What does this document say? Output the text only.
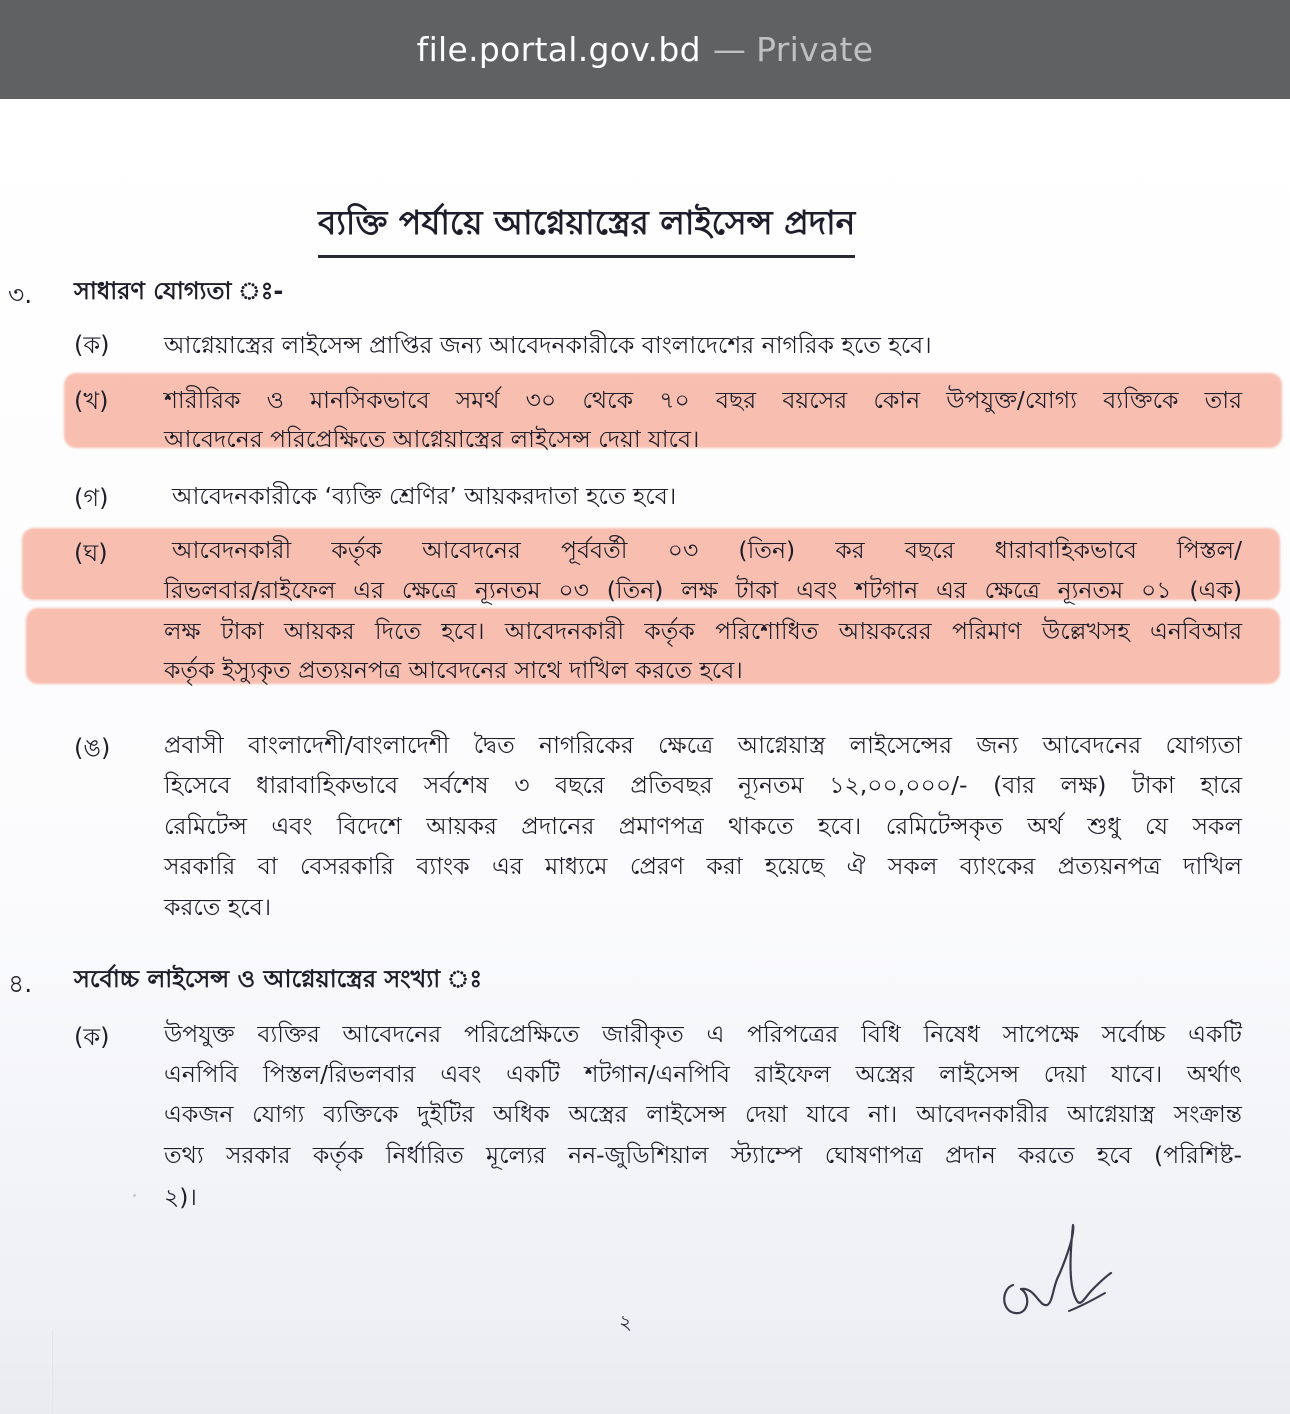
file.portal.gov.bd — Private
ব্যক্তি পর্যায়ে আগ্নেয়াস্ত্রের লাইসেন্স প্রদান
৩. সাধারণ যোগ্যতা ঃ-
(ক) আগ্নেয়াস্ত্রের লাইসেন্স প্রাপ্তির জন্য আবেদনকারীকে বাংলাদেশের নাগরিক হতে হবে।
(খ) শারীরিক ও মানসিকভাবে সমর্থ ৩০ থেকে ৭০ বছর বয়সের কোন উপযুক্ত/যোগ্য ব্যক্তিকে তার
আবেদনের পরিপ্রেক্ষিতে আগ্নেয়াস্ত্রের লাইসেন্স দেয়া যাবে।
(গ)	আবেদনকারীকে ‘ব্যক্তি শ্রেণির’ আয়করদাতা হতে হবে।
(ঘ)	আবেদনকারী কর্তৃক আবেদনের পূর্ববর্তী ০৩ (তিন) কর বছরে ধারাবাহিকভাবে পিস্তল/
রিভলবার/রাইফেল এর ক্ষেত্রে ন্যূনতম ০৩ (তিন) লক্ষ টাকা এবং শটগান এর ক্ষেত্রে ন্যূনতম ০১ (এক)
লক্ষ টাকা আয়কর দিতে হবে। আবেদনকারী কর্তৃক পরিশোধিত আয়করের পরিমাণ উল্লেখসহ এনবিআর
কর্তৃক ইস্যুকৃত প্রত্যয়নপত্র আবেদনের সাথে দাখিল করতে হবে।
(ঙ) প্রবাসী বাংলাদেশী/বাংলাদেশী দ্বৈত নাগরিকের ক্ষেত্রে আগ্নেয়াস্ত্র লাইসেন্সের জন্য আবেদনের যোগ্যতা
হিসেবে ধারাবাহিকভাবে সর্বশেষ ৩ বছরে প্রতিবছর ন্যূনতম ১২,০০,০০০/- (বার লক্ষ) টাকা হারে
রেমিটেন্স এবং বিদেশে আয়কর প্রদানের প্রমাণপত্র থাকতে হবে। রেমিটেন্সকৃত অর্থ শুধু যে সকল
সরকারি বা বেসরকারি ব্যাংক এর মাধ্যমে প্রেরণ করা হয়েছে ঐ সকল ব্যাংকের প্রত্যয়নপত্র দাখিল
করতে হবে।
৪. সর্বোচ্চ লাইসেন্স ও আগ্নেয়াস্ত্রের সংখ্যা ঃ
(ক) উপযুক্ত ব্যক্তির আবেদনের পরিপ্রেক্ষিতে জারীকৃত এ পরিপত্রের বিধি নিষেধ সাপেক্ষে সর্বোচ্চ একটি
এনপিবি পিস্তল/রিভলবার এবং একটি শটগান/এনপিবি রাইফেল অস্ত্রের লাইসেন্স দেয়া যাবে। অর্থাৎ
একজন যোগ্য ব্যক্তিকে দুইটির অধিক অস্ত্রের লাইসেন্স দেয়া যাবে না। আবেদনকারীর আগ্নেয়াস্ত্র সংক্রান্ত
তথ্য সরকার কর্তৃক নির্ধারিত মূল্যের নন-জুডিশিয়াল স্ট্যাম্পে ঘোষণাপত্র প্রদান করতে হবে (পরিশিষ্ট-
২)।
২
